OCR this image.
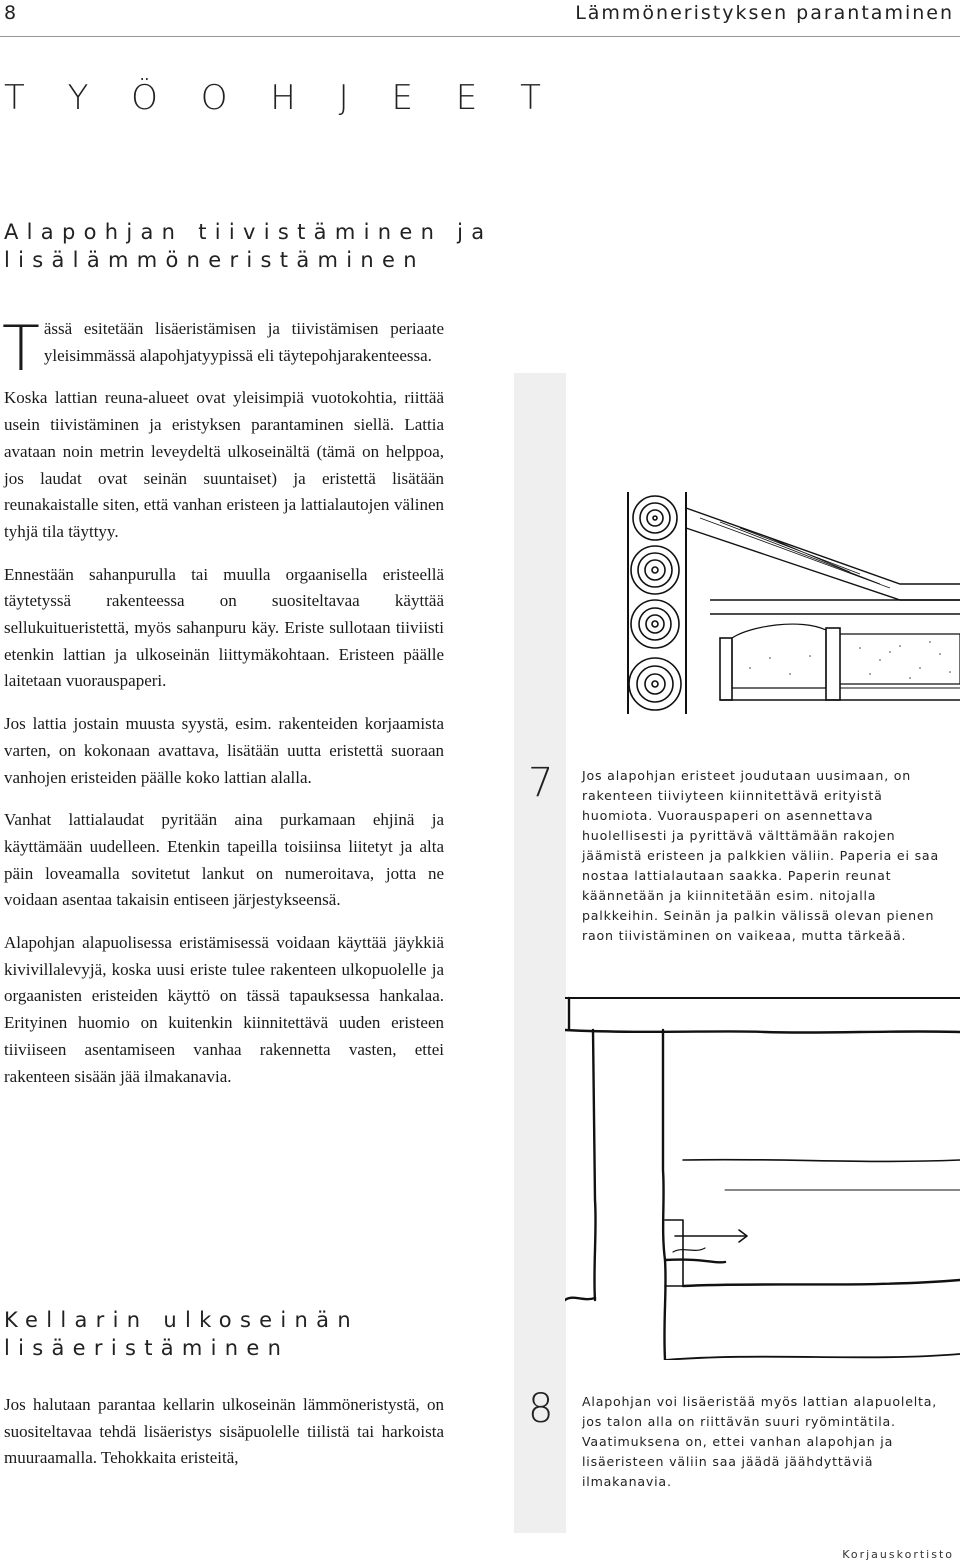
8	Lämmöneristyksen parantaminen
T Y Ö O H J E E T
Alapohjan tiivistäminen ja
lisälämmöneristäminen

Tässä esitetään lisäeristämisen ja tiivistämisen periaate yleisimmässä alapohjatyypissä eli täytepohjarakenteessa.

Koska lattian reuna-alueet ovat yleisimpiä vuotokohtia, riittää usein tiivistäminen ja eristyksen parantaminen siellä. Lattia avataan noin metrin leveydeltä ulkoseinältä (tämä on helppoa, jos laudat ovat seinän suuntaiset) ja eristettä lisätään reunakaistalle siten, että vanhan eristeen ja lattialautojen välinen tyhjä tila täyttyy.

Ennestään sahanpurulla tai muulla orgaanisella eristeellä täytetyssä rakenteessa on suositeltavaa käyttää sellukuitueristettä, myös sahanpuru käy. Eriste sullotaan tiiviisti etenkin lattian ja ulkoseinän liittymäkohtaan. Eristeen päälle laitetaan vuorauspaperi.

Jos lattia jostain muusta syystä, esim. rakenteiden korjaamista varten, on kokonaan avattava, lisätään uutta eristettä suoraan vanhojen eristeiden päälle koko lattian alalla.

Vanhat lattialaudat pyritään aina purkamaan ehjinä ja käyttämään uudelleen. Etenkin tapeilla toisiinsa liitetyt ja alta päin loveamalla sovitetut lankut on numeroitava, jotta ne voidaan asentaa takaisin entiseen järjestykseensä.

Alapohjan alapuolisessa eristämisessä voidaan käyttää jäykkiä kivivillalevyjä, koska uusi eriste tulee rakenteen ulkopuolelle ja orgaanisten eristeiden käyttö on tässä tapauksessa hankalaa. Erityinen huomio on kuitenkin kiinnitettävä uuden eristeen tiiviiseen asentamiseen vanhaa rakennetta vasten, ettei rakenteen sisään jää ilmakanavia.

Kellarin ulkoseinän
lisäeristäminen

Jos halutaan parantaa kellarin ulkoseinän lämmöneristystä, on suositeltavaa tehdä lisäeristys sisäpuolelle tiilistä tai harkoista muuraamalla. Tehokkaita eristeitä,

7 Jos alapohjan eristeet joudutaan uusimaan, on rakenteen tiiviyteen kiinnitettävä erityistä huomiota. Vuorauspaperi on asennettava huolellisesti ja pyrittävä välttämään rakojen jäämistä eristeen ja palkkien väliin. Paperia ei saa nostaa lattialautaan saakka. Paperin reunat käännetään ja kiinnitetään esim. nitojalla palkkeihin. Seinän ja palkin välissä olevan pienen raon tiivistäminen on vaikeaa, mutta tärkeää.
8 Alapohjan voi lisäeristää myös lattian alapuolelta, jos talon alla on riittävän suuri ryömintätila. Vaatimuksena on, ettei vanhan alapohjan ja lisäeristeen väliin saa jäädä jäähdyttäviä ilmakanavia.
Korjauskortisto
